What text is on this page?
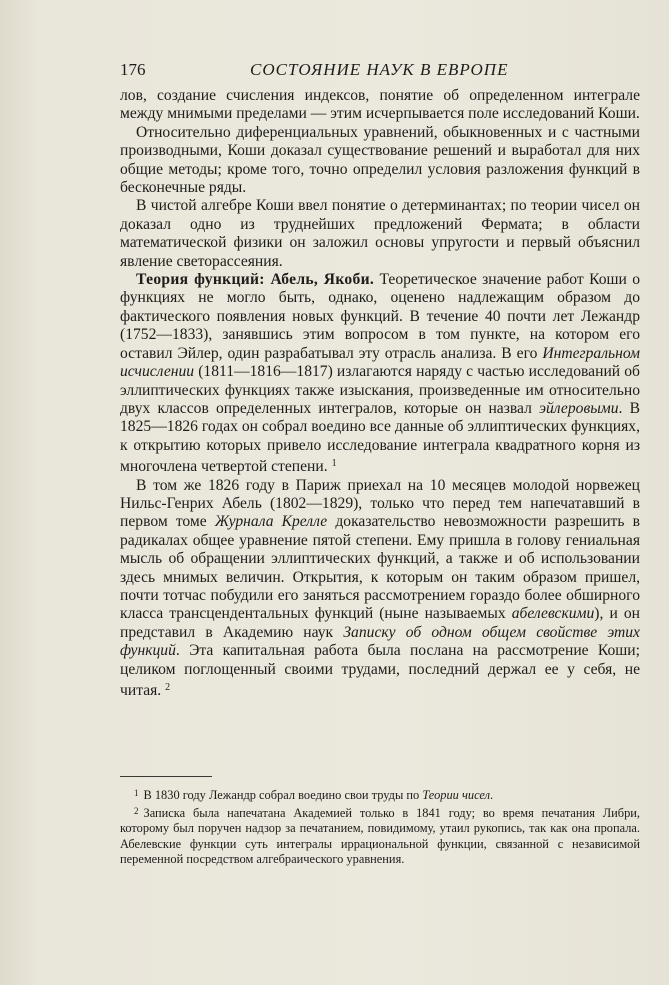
176	СОСТОЯНИЕ НАУК В ЕВРОПЕ

лов, создание счисления индексов, понятие об определенном интеграле между мнимыми пределами — этим исчерпывается поле исследований Коши.

Относительно диференциальных уравнений, обыкновенных и с частными производными, Коши доказал существование решений и выработал для них общие методы; кроме того, точно определил условия разложения функций в бесконечные ряды.

В чистой алгебре Коши ввел понятие о детерминантах; по теории чисел он доказал одно из труднейших предложений Фермата; в области математической физики он заложил основы упругости и первый объяснил явление светорассеяния.

Теория функций: Абель, Якоби. Теоретическое значение работ Коши о функциях не могло быть, однако, оценено надлежащим образом до фактического появления новых функций. В течение 40 почти лет Лежандр (1752—1833), занявшись этим вопросом в том пункте, на котором его оставил Эйлер, один разрабатывал эту отрасль анализа. В его Интегральном исчислении (1811—1816—1817) излагаются наряду с частью исследований об эллиптических функциях также изыскания, произведенные им относительно двух классов определенных интегралов, которые он назвал эйлеровыми. В 1825—1826 годах он собрал воедино все данные об эллиптических функциях, к открытию которых привело исследование интеграла квадратного корня из многочлена четвертой степени. $^1$

В том же 1826 году в Париж приехал на 10 месяцев молодой норвежец Нильс-Генрих Абель (1802—1829), только что перед тем напечатавший в первом томе Журнала Крелле доказательство невозможности разрешить в радикалах общее уравнение пятой степени. Ему пришла в голову гениальная мысль об обращении эллиптических функций, а также и об использовании здесь мнимых величин. Открытия, к которым он таким образом пришел, почти тотчас побудили его заняться рассмотрением гораздо более обширного класса трансцендентальных функций (ныне называемых абелевскими), и он представил в Академию наук Записку об одном общем свойстве этих функций. Эта капитальная работа была послана на рассмотрение Коши; целиком поглощенный своими трудами, последний держал ее у себя, не читая. $^2$

$^1$ В 1830 году Лежандр собрал воедино свои труды по Теории чисел.

$^2$ Записка была напечатана Академией только в 1841 году; во время печатания Либри, которому был поручен надзор за печатанием, повидимому, утаил рукопись, так как она пропала. Абелевские функции суть интегралы иррациональной функции, связанной с независимой переменной посредством алгебраического уравнения.
